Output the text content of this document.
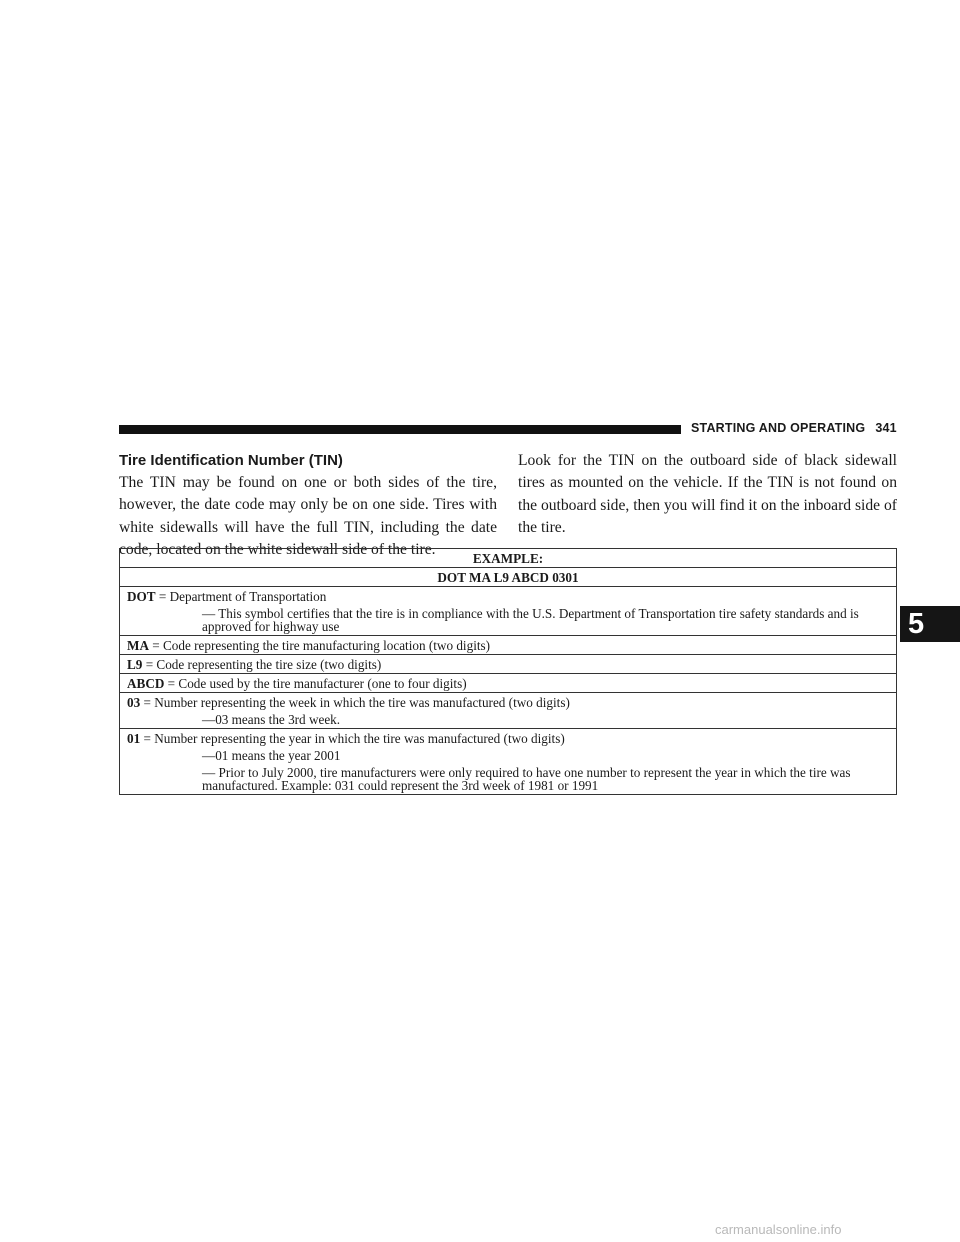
STARTING AND OPERATING 341
Tire Identification Number (TIN)

The TIN may be found on one or both sides of the tire, however, the date code may only be on one side. Tires with white sidewalls will have the full TIN, including the date code, located on the white sidewall side of the tire.

Look for the TIN on the outboard side of black sidewall tires as mounted on the vehicle. If the TIN is not found on the outboard side, then you will find it on the inboard side of the tire.

5
EXAMPLE:
DOT MA L9 ABCD 0301
DOT = Department of Transportation
— This symbol certifies that the tire is in compliance with the U.S. Department of Transportation tire safety standards and is approved for highway use

MA = Code representing the tire manufacturing location (two digits)
L9 = Code representing the tire size (two digits)
ABCD = Code used by the tire manufacturer (one to four digits)
03 = Number representing the week in which the tire was manufactured (two digits)
—03 means the 3rd week.

01 = Number representing the year in which the tire was manufactured (two digits)
—01 means the year 2001
— Prior to July 2000, tire manufacturers were only required to have one number to represent the year in which the tire was manufactured. Example: 031 could represent the 3rd week of 1981 or 1991
carmanualsonline.info
